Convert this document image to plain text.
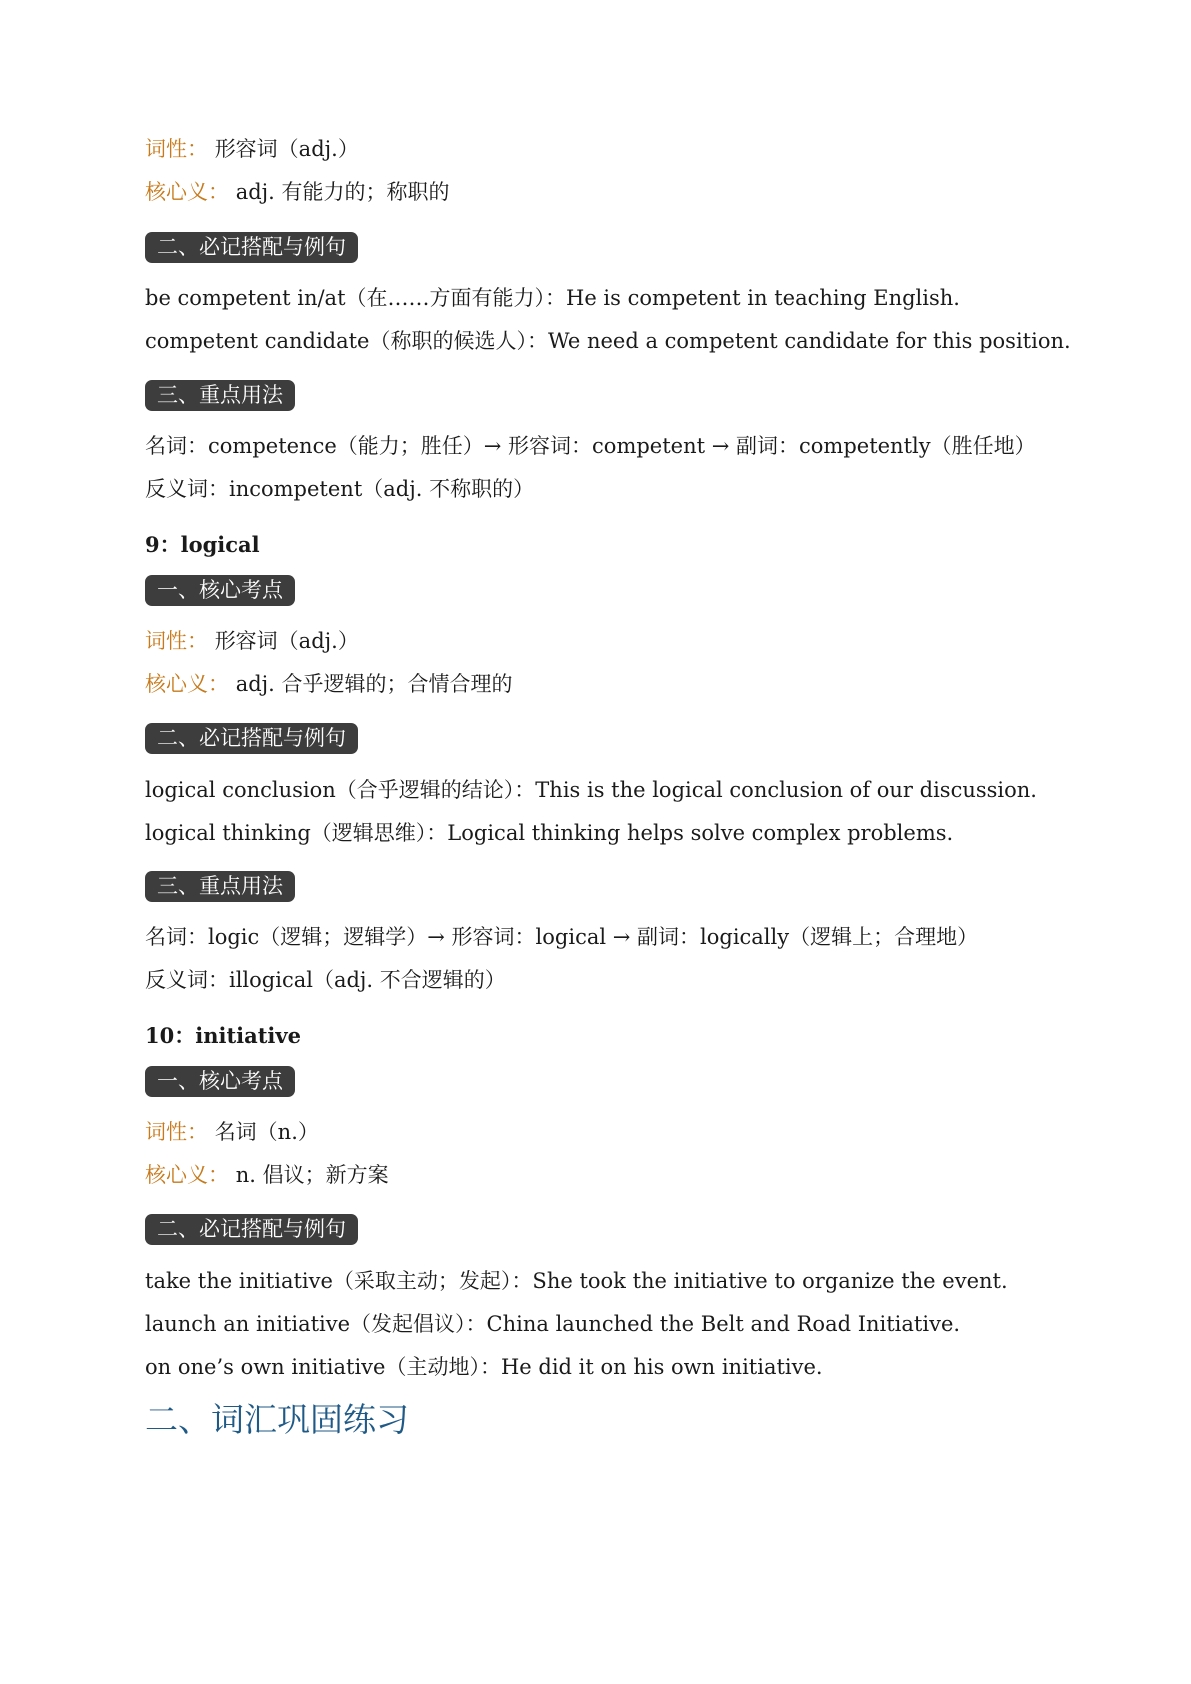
词性： 形容词（adj.）
核心义： adj. 有能力的；称职的
二、必记搭配与例句
be competent in/at（在……方面有能力）：He is competent in teaching English.
competent candidate（称职的候选人）：We need a competent candidate for this position.
三、重点用法
名词：competence（能力；胜任）→ 形容词：competent → 副词：competently（胜任地）
反义词：incompetent（adj. 不称职的）
9：logical
一、核心考点
词性： 形容词（adj.）
核心义： adj. 合乎逻辑的；合情合理的
二、必记搭配与例句
logical conclusion（合乎逻辑的结论）：This is the logical conclusion of our discussion.
logical thinking（逻辑思维）：Logical thinking helps solve complex problems.
三、重点用法
名词：logic（逻辑；逻辑学）→ 形容词：logical → 副词：logically（逻辑上；合理地）
反义词：illogical（adj. 不合逻辑的）
10：initiative
一、核心考点
词性： 名词（n.）
核心义： n. 倡议；新方案
二、必记搭配与例句
take the initiative（采取主动；发起）：She took the initiative to organize the event.
launch an initiative（发起倡议）：China launched the Belt and Road Initiative.
on one’s own initiative（主动地）：He did it on his own initiative.
二、词汇巩固练习
